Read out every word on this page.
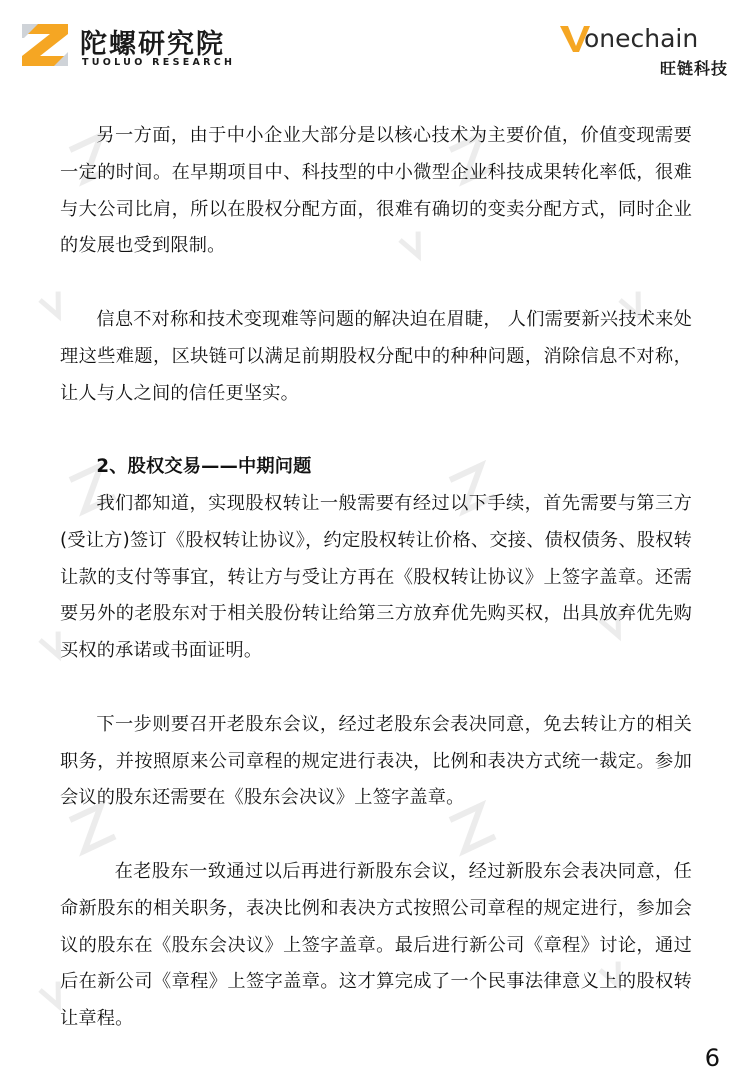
陀螺研究院
TUOLUO RESEARCH
onechain
旺链科技

另一方面，由于中小企业大部分是以核心技术为主要价值，价值变现需要一定的时间。在早期项目中、科技型的中小微型企业科技成果转化率低，很难与大公司比肩，所以在股权分配方面，很难有确切的变卖分配方式，同时企业的发展也受到限制。

信息不对称和技术变现难等问题的解决迫在眉睫， 人们需要新兴技术来处理这些难题，区块链可以满足前期股权分配中的种种问题，消除信息不对称，让人与人之间的信任更坚实。

2、股权交易——中期问题

我们都知道，实现股权转让一般需要有经过以下手续，首先需要与第三方(受让方)签订《股权转让协议》，约定股权转让价格、交接、债权债务、股权转让款的支付等事宜，转让方与受让方再在《股权转让协议》上签字盖章。还需要另外的老股东对于相关股份转让给第三方放弃优先购买权，出具放弃优先购买权的承诺或书面证明。

下一步则要召开老股东会议，经过老股东会表决同意，免去转让方的相关职务，并按照原来公司章程的规定进行表决，比例和表决方式统一裁定。参加会议的股东还需要在《股东会决议》上签字盖章。

在老股东一致通过以后再进行新股东会议，经过新股东会表决同意，任命新股东的相关职务，表决比例和表决方式按照公司章程的规定进行，参加会议的股东在《股东会决议》上签字盖章。最后进行新公司《章程》讨论，通过后在新公司《章程》上签字盖章。这才算完成了一个民事法律意义上的股权转让章程。

6
